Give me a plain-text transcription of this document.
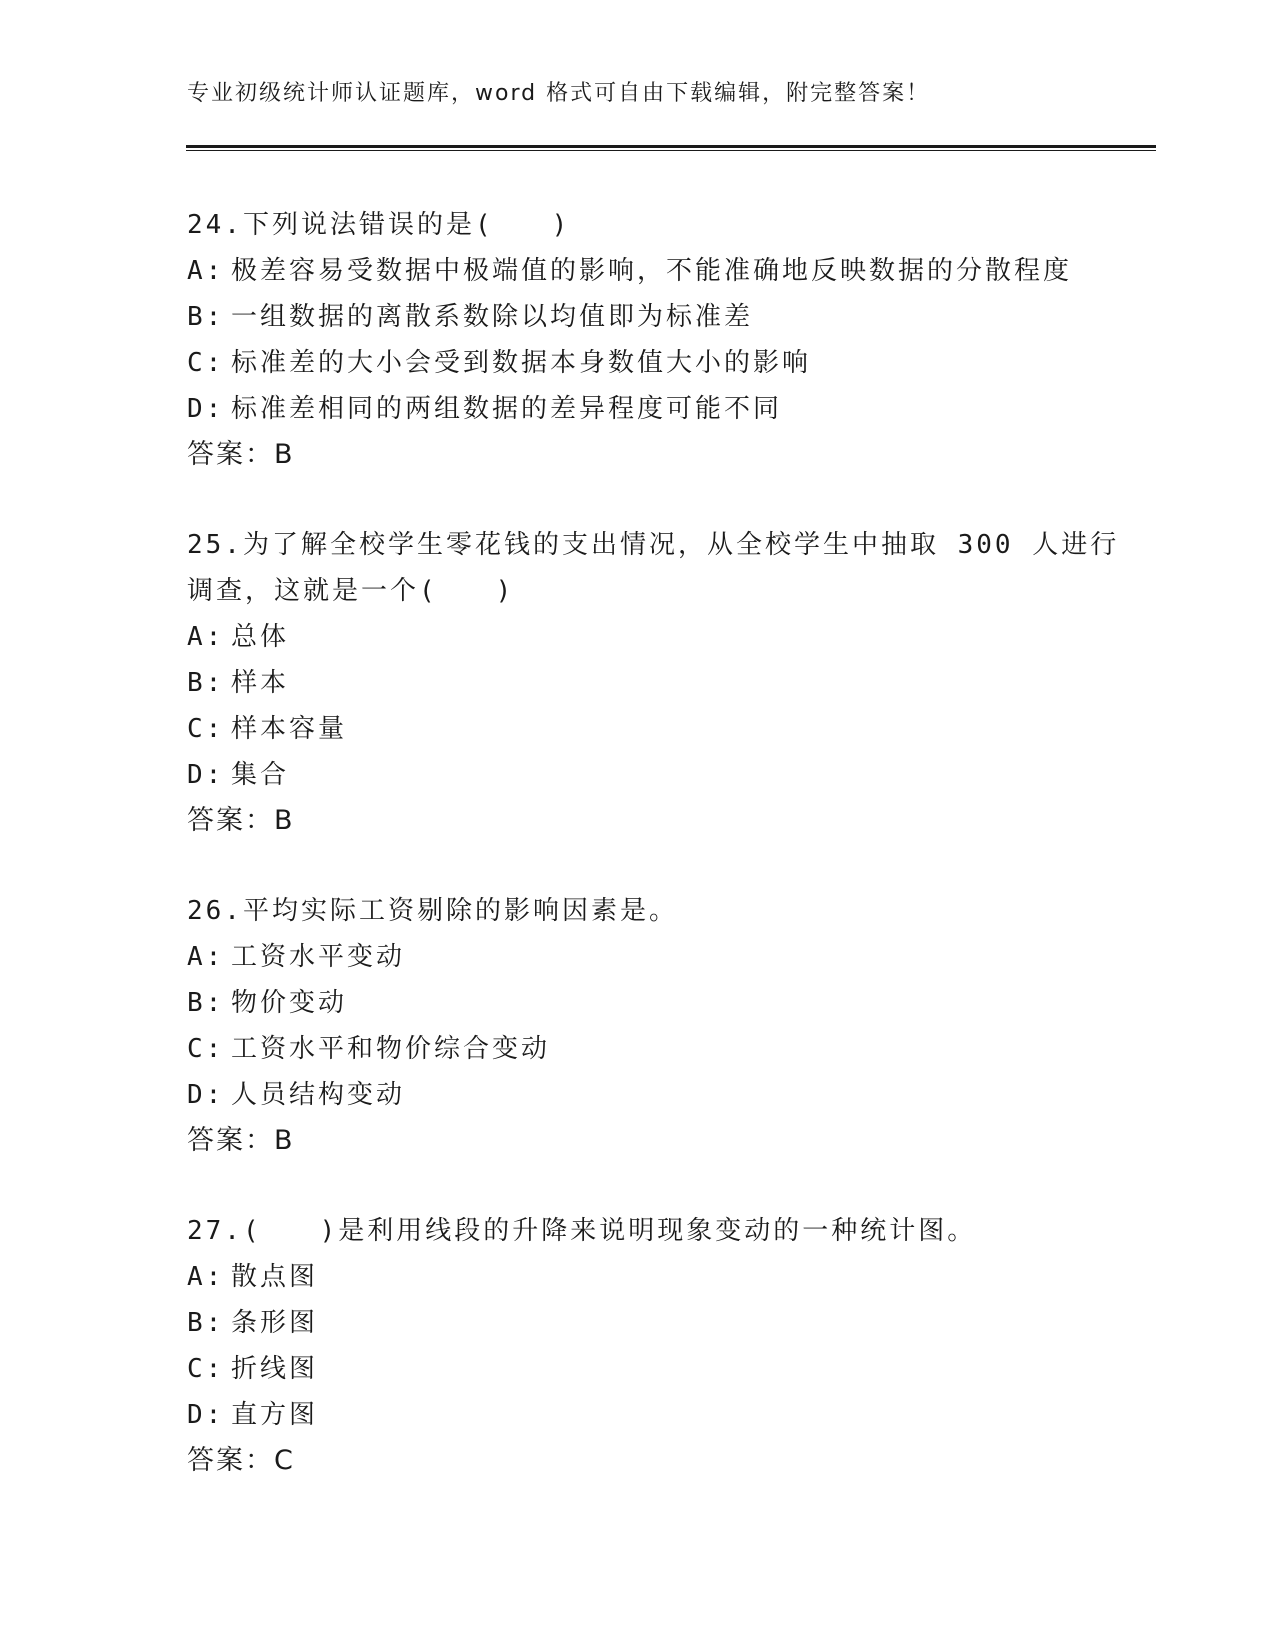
专业初级统计师认证题库，word 格式可自由下载编辑，附完整答案！
24.下列说法错误的是(　　)
A: 极差容易受数据中极端值的影响，不能准确地反映数据的分散程度
B: 一组数据的离散系数除以均值即为标准差
C: 标准差的大小会受到数据本身数值大小的影响
D: 标准差相同的两组数据的差异程度可能不同
答案：B
25.为了解全校学生零花钱的支出情况，从全校学生中抽取 300 人进行
调查，这就是一个(　　)
A: 总体
B: 样本
C: 样本容量
D: 集合
答案：B
26.平均实际工资剔除的影响因素是。
A: 工资水平变动
B: 物价变动
C: 工资水平和物价综合变动
D: 人员结构变动
答案：B
27.(　　)是利用线段的升降来说明现象变动的一种统计图。
A: 散点图
B: 条形图
C: 折线图
D: 直方图
答案：C
